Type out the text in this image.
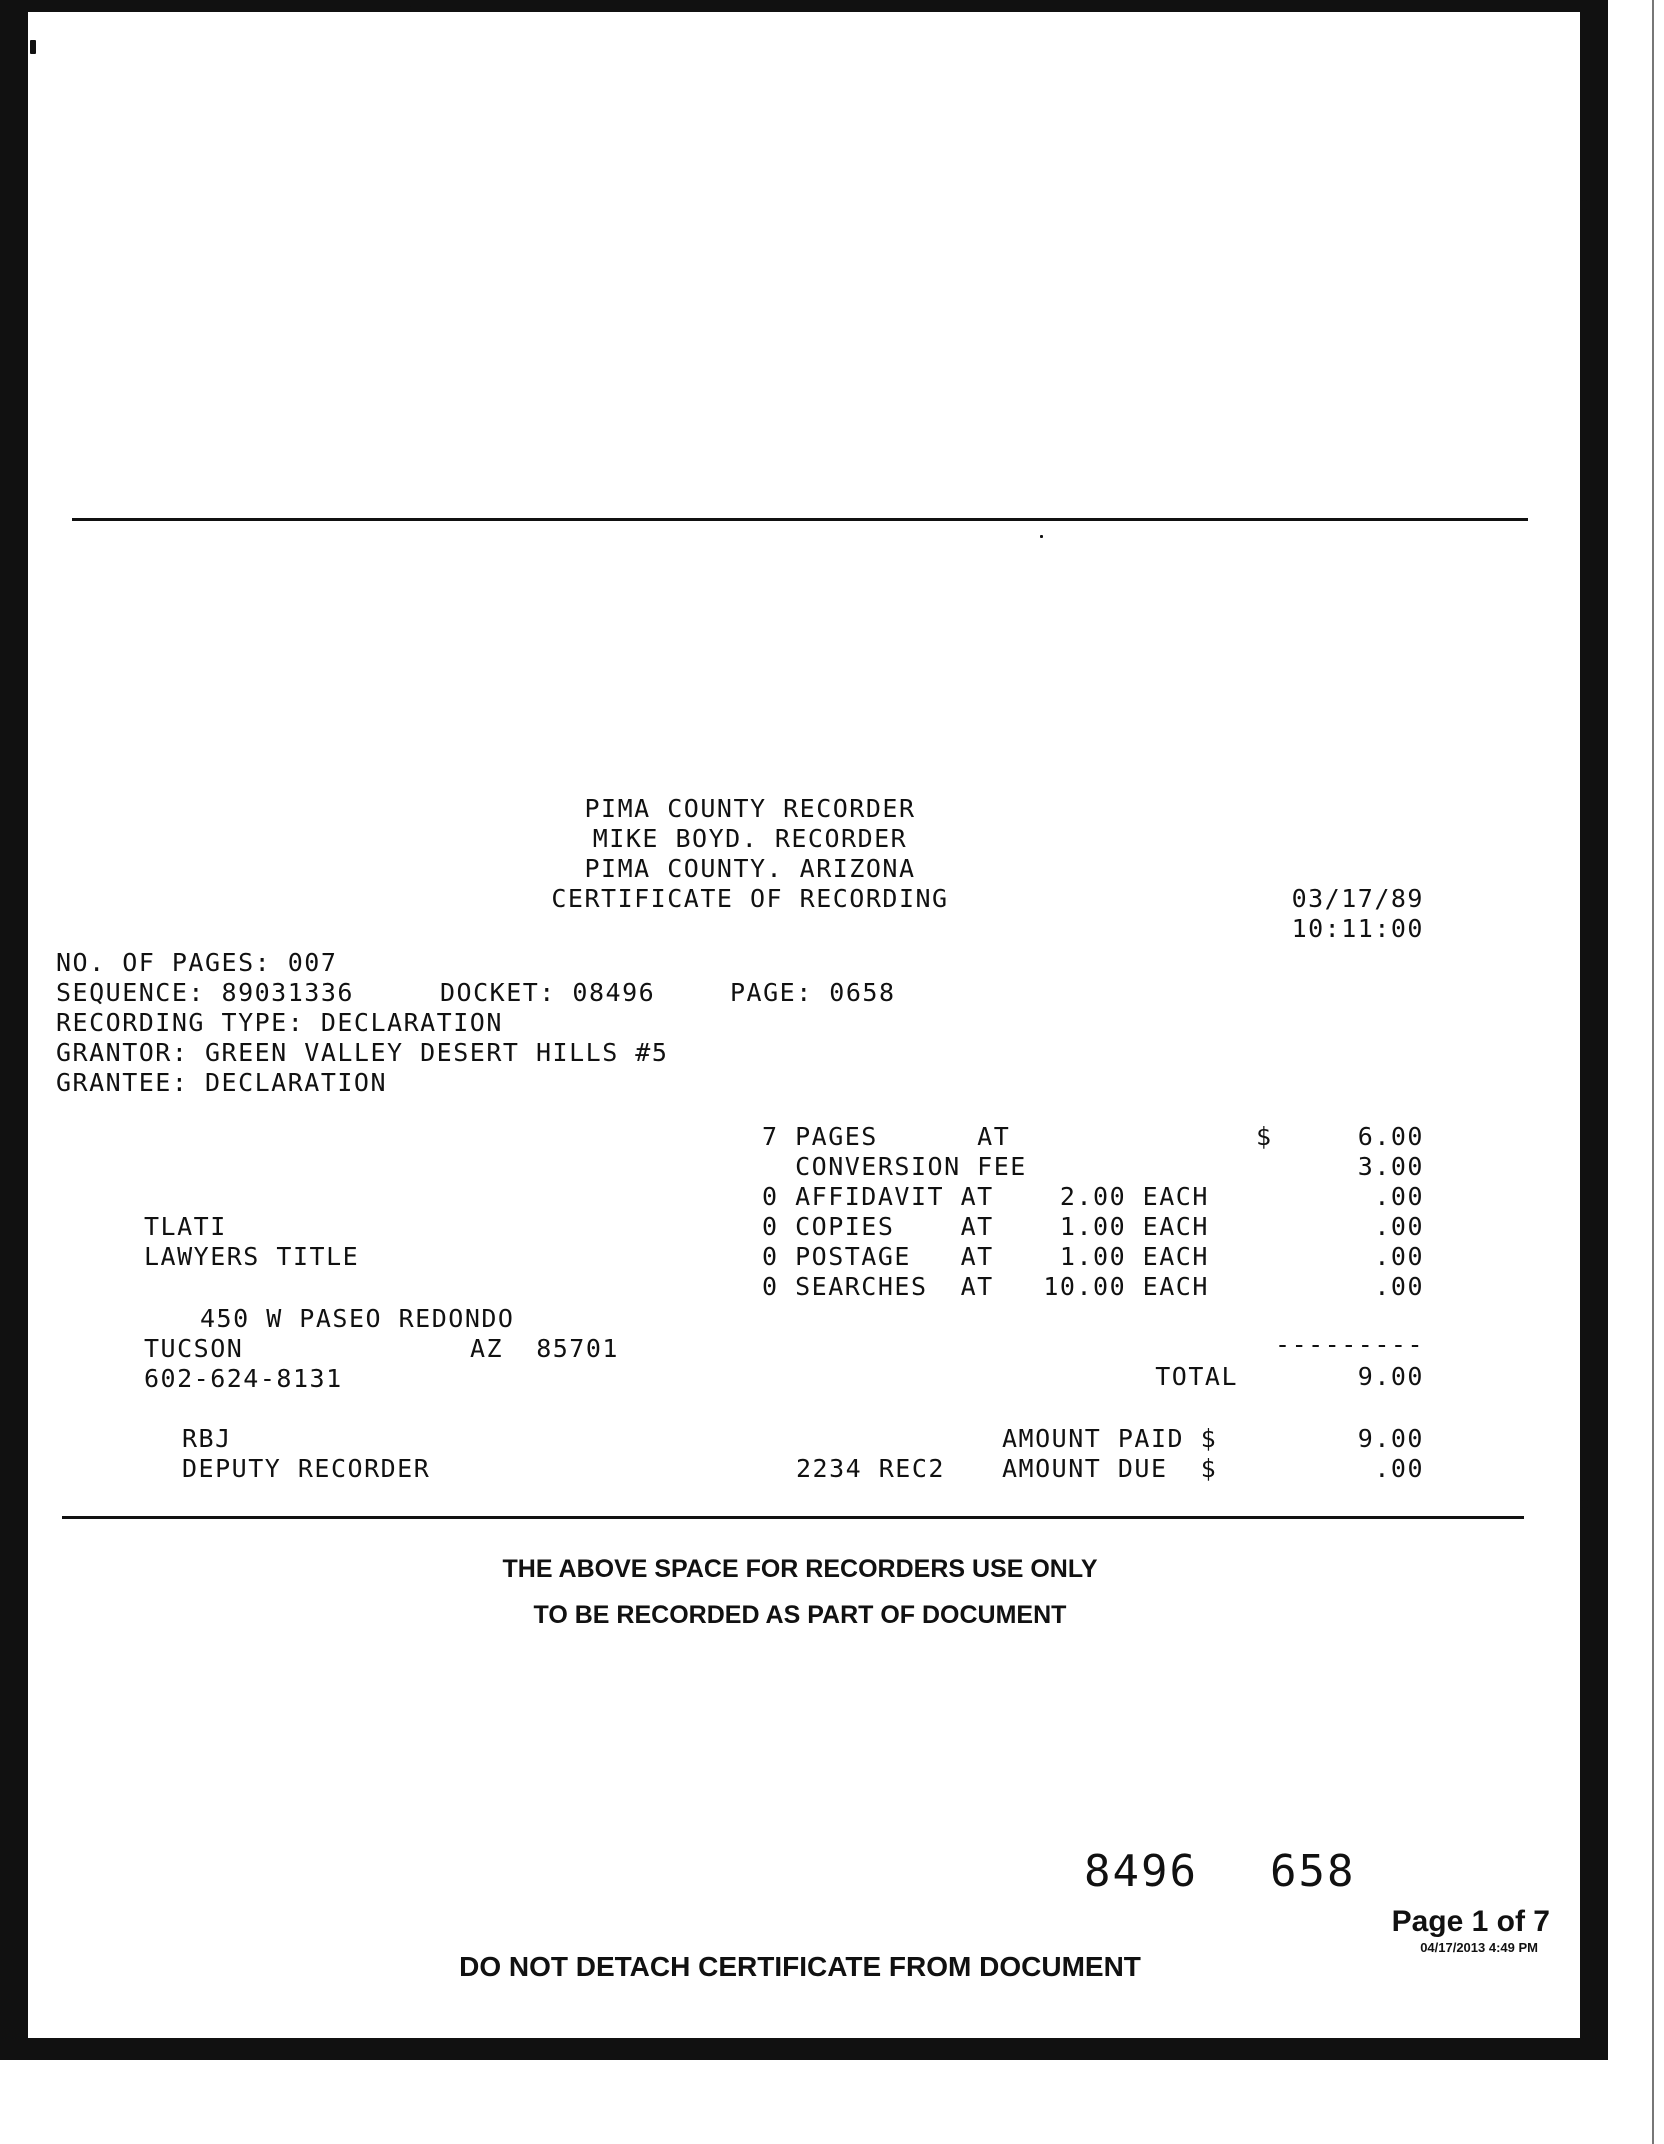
PIMA COUNTY RECORDER
MIKE BOYD. RECORDER
PIMA COUNTY. ARIZONA
CERTIFICATE OF RECORDING	03/17/89
10:11:00
NO. OF PAGES: 007
SEQUENCE: 89031336	DOCKET: 08496	PAGE: 0658
RECORDING TYPE: DECLARATION
GRANTOR: GREEN VALLEY DESERT HILLS #5
GRANTEE: DECLARATION
7 PAGES      AT	$	6.00
CONVERSION FEE	3.00
0 AFFIDAVIT AT    2.00 EACH	.00
0 COPIES    AT    1.00 EACH	.00
0 POSTAGE   AT    1.00 EACH	.00
0 SEARCHES  AT   10.00 EACH	.00
TLATI
LAWYERS TITLE
450 W PASEO REDONDO
TUCSON	AZ  85701
602-624-8131
---------
TOTAL	9.00
RBJ
DEPUTY RECORDER	2234 REC2
AMOUNT PAID $	9.00
AMOUNT DUE  $	.00
THE ABOVE SPACE FOR RECORDERS USE ONLY
TO BE RECORDED AS PART OF DOCUMENT
8496 658
Page 1 of 7
04/17/2013 4:49 PM
DO NOT DETACH CERTIFICATE FROM DOCUMENT
